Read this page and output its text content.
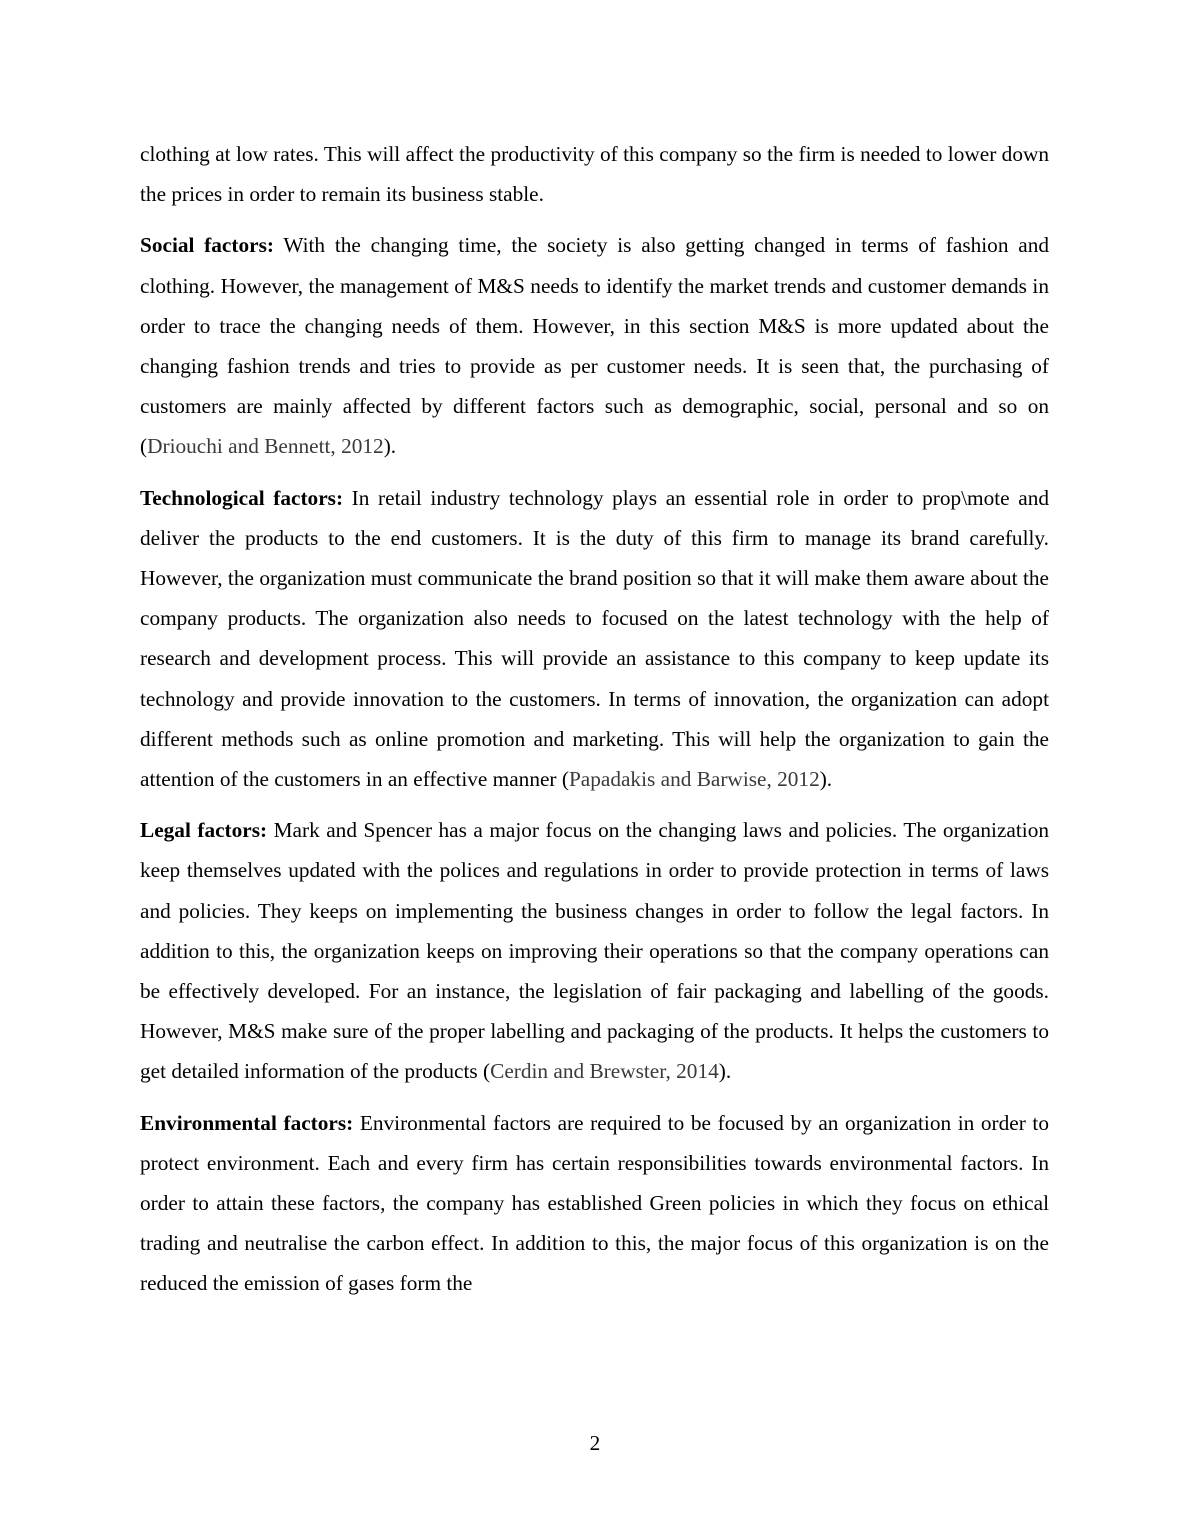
clothing at low rates. This will affect the productivity of this company so the firm is needed to lower down the prices in order to remain its business stable.

Social factors: With the changing time, the society is also getting changed in terms of fashion and clothing. However, the management of M&S needs to identify the market trends and customer demands in order to trace the changing needs of them. However, in this section M&S is more updated about the changing fashion trends and tries to provide as per customer needs. It is seen that, the purchasing of customers are mainly affected by different factors such as demographic, social, personal and so on (Driouchi and Bennett, 2012).

Technological factors: In retail industry technology plays an essential role in order to prop\mote and deliver the products to the end customers. It is the duty of this firm to manage its brand carefully. However, the organization must communicate the brand position so that it will make them aware about the company products. The organization also needs to focused on the latest technology with the help of research and development process. This will provide an assistance to this company to keep update its technology and provide innovation to the customers. In terms of innovation, the organization can adopt different methods such as online promotion and marketing. This will help the organization to gain the attention of the customers in an effective manner (Papadakis and Barwise, 2012).

Legal factors: Mark and Spencer has a major focus on the changing laws and policies. The organization keep themselves updated with the polices and regulations in order to provide protection in terms of laws and policies. They keeps on implementing the business changes in order to follow the legal factors. In addition to this, the organization keeps on improving their operations so that the company operations can be effectively developed. For an instance, the legislation of fair packaging and labelling of the goods. However, M&S make sure of the proper labelling and packaging of the products. It helps the customers to get detailed information of the products (Cerdin and Brewster, 2014).

Environmental factors: Environmental factors are required to be focused by an organization in order to protect environment. Each and every firm has certain responsibilities towards environmental factors. In order to attain these factors, the company has established Green policies in which they focus on ethical trading and neutralise the carbon effect. In addition to this, the major focus of this organization is on the reduced the emission of gases form the

2
